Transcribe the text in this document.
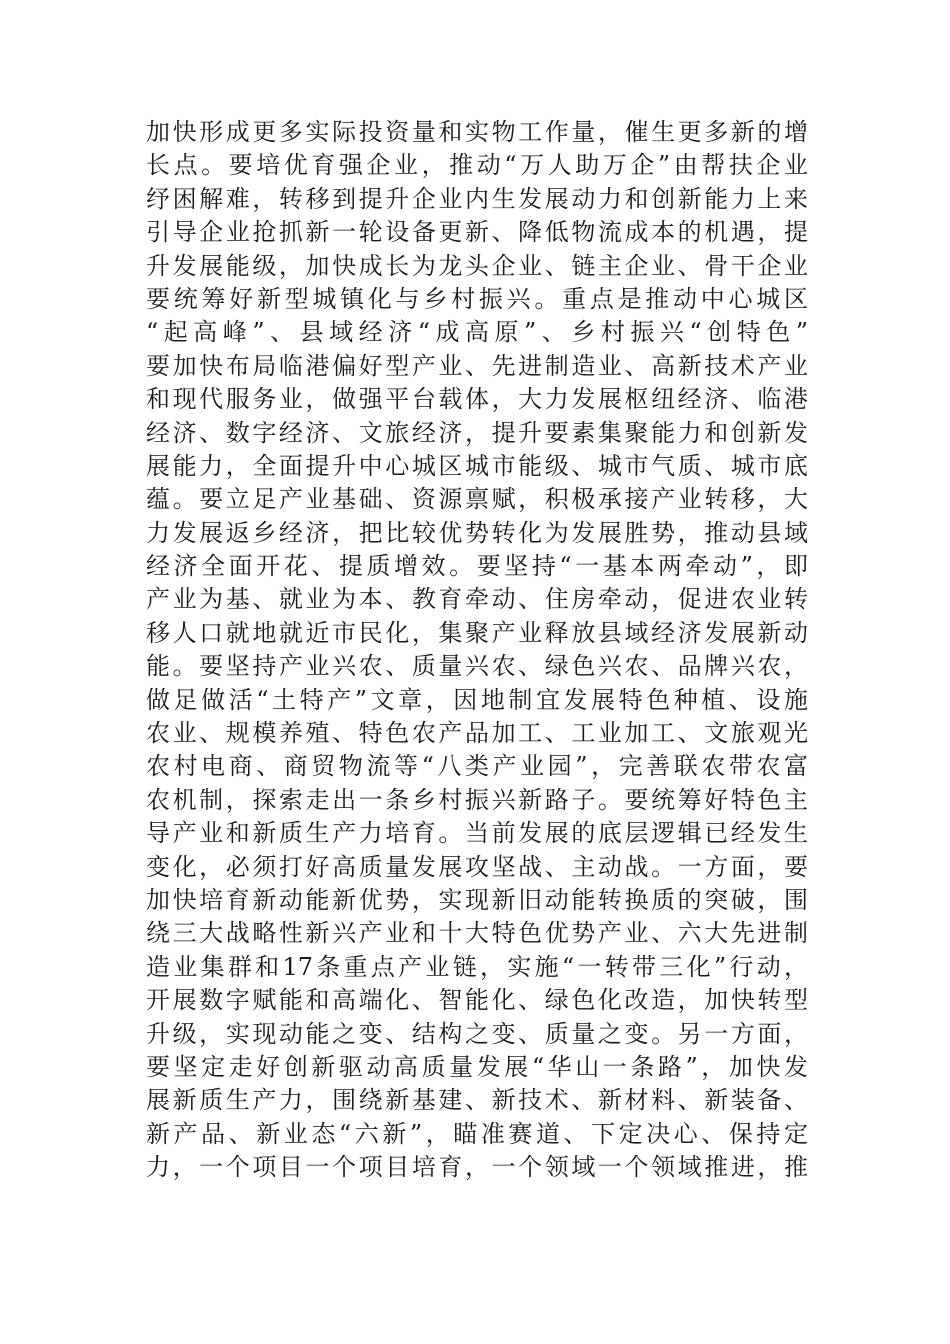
加快形成更多实际投资量和实物工作量，催生更多新的增
长点。要培优育强企业，推动“万人助万企”由帮扶企业
纾困解难，转移到提升企业内生发展动力和创新能力上来
引导企业抢抓新一轮设备更新、降低物流成本的机遇，提
升发展能级，加快成长为龙头企业、链主企业、骨干企业
要统筹好新型城镇化与乡村振兴。重点是推动中心城区
“起高峰”、县域经济“成高原”、乡村振兴“创特色”
要加快布局临港偏好型产业、先进制造业、高新技术产业
和现代服务业，做强平台载体，大力发展枢纽经济、临港
经济、数字经济、文旅经济，提升要素集聚能力和创新发
展能力，全面提升中心城区城市能级、城市气质、城市底
蕴。要立足产业基础、资源禀赋，积极承接产业转移，大
力发展返乡经济，把比较优势转化为发展胜势，推动县域
经济全面开花、提质增效。要坚持“一基本两牵动”，即
产业为基、就业为本、教育牵动、住房牵动，促进农业转
移人口就地就近市民化，集聚产业释放县域经济发展新动
能。要坚持产业兴农、质量兴农、绿色兴农、品牌兴农，
做足做活“土特产”文章，因地制宜发展特色种植、设施
农业、规模养殖、特色农产品加工、工业加工、文旅观光
农村电商、商贸物流等“八类产业园”，完善联农带农富
农机制，探索走出一条乡村振兴新路子。要统筹好特色主
导产业和新质生产力培育。当前发展的底层逻辑已经发生
变化，必须打好高质量发展攻坚战、主动战。一方面，要
加快培育新动能新优势，实现新旧动能转换质的突破，围
绕三大战略性新兴产业和十大特色优势产业、六大先进制
造业集群和17条重点产业链，实施“一转带三化”行动，
开展数字赋能和高端化、智能化、绿色化改造，加快转型
升级，实现动能之变、结构之变、质量之变。另一方面，
要坚定走好创新驱动高质量发展“华山一条路”，加快发
展新质生产力，围绕新基建、新技术、新材料、新装备、
新产品、新业态“六新”，瞄准赛道、下定决心、保持定
力，一个项目一个项目培育，一个领域一个领域推进，推
